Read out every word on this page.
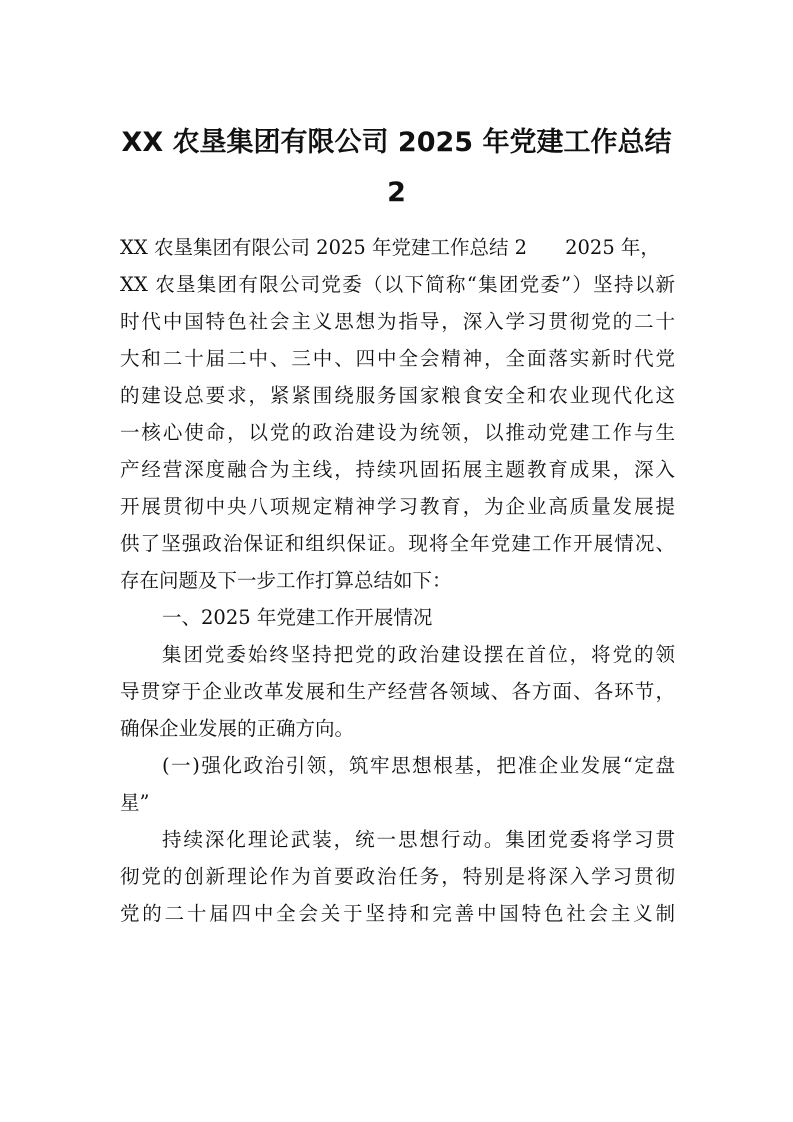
XX 农垦集团有限公司 2025 年党建工作总结
2
XX 农垦集团有限公司 2025 年党建工作总结 2 2025 年，
XX 农垦集团有限公司党委（以下简称“集团党委”）坚持以新
时代中国特色社会主义思想为指导，深入学习贯彻党的二十
大和二十届二中、三中、四中全会精神，全面落实新时代党
的建设总要求，紧紧围绕服务国家粮食安全和农业现代化这
一核心使命，以党的政治建设为统领，以推动党建工作与生
产经营深度融合为主线，持续巩固拓展主题教育成果，深入
开展贯彻中央八项规定精神学习教育，为企业高质量发展提
供了坚强政治保证和组织保证。现将全年党建工作开展情况、
存在问题及下一步工作打算总结如下：
一、2025 年党建工作开展情况
集团党委始终坚持把党的政治建设摆在首位，将党的领
导贯穿于企业改革发展和生产经营各领域、各方面、各环节，
确保企业发展的正确方向。
(一)强化政治引领，筑牢思想根基，把准企业发展“定盘
星”
持续深化理论武装，统一思想行动。集团党委将学习贯
彻党的创新理论作为首要政治任务，特别是将深入学习贯彻
党的二十届四中全会关于坚持和完善中国特色社会主义制
